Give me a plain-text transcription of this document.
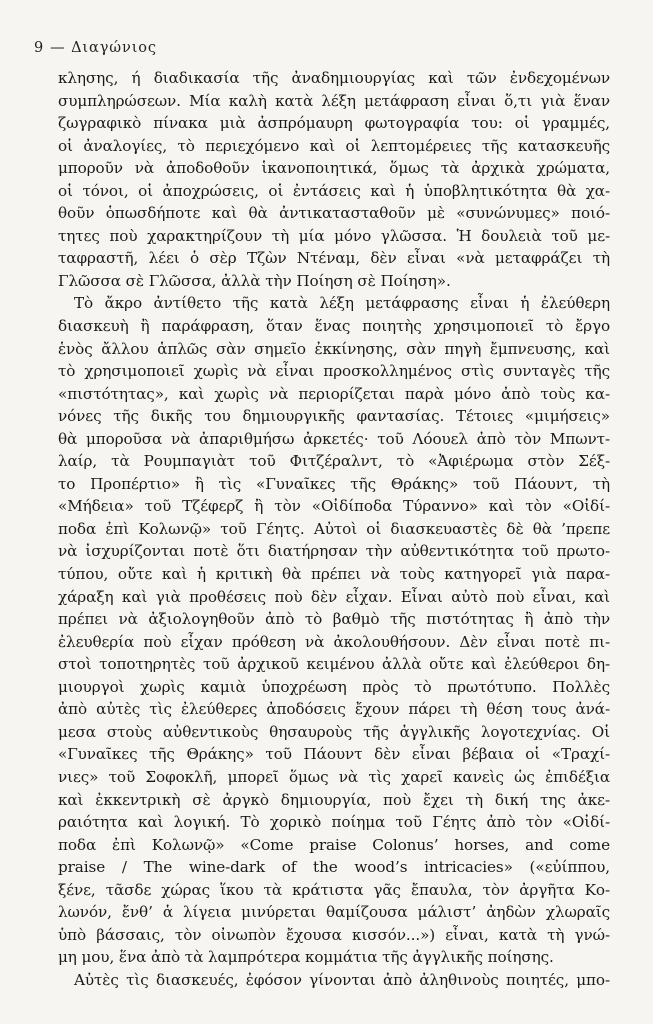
9 — Διαγώνιος
κλησης, ή διαδικασία τῆς ἀναδημιουργίας καὶ τῶν ἐνδεχομένων
συμπληρώσεων. Μία καλὴ κατὰ λέξη μετάφραση εἶναι ὅ,τι γιὰ ἕναν
ζωγραφικὸ πίνακα μιὰ ἀσπρόμαυρη φωτογραφία του: οἱ γραμμές,
οἱ ἀναλογίες, τὸ περιεχόμενο καὶ οἱ λεπτομέρειες τῆς κατασκευῆς
μποροῦν νὰ ἀποδοθοῦν ἱκανοποιητικά, ὅμως τὰ ἀρχικὰ χρώματα,
οἱ τόνοι, οἱ ἀποχρώσεις, οἱ ἐντάσεις καὶ ἡ ὑποβλητικότητα θὰ χα-
θοῦν ὁπωσδήποτε καὶ θὰ ἀντικατασταθοῦν μὲ «συνώνυμες» ποιό-
τητες ποὺ χαρακτηρίζουν τὴ μία μόνο γλῶσσα. Ἡ δουλειὰ τοῦ με-
ταφραστῆ, λέει ὁ σὲρ Τζὼν Ντέναμ, δὲν εἶναι «νὰ μεταφράζει τὴ
Γλῶσσα σὲ Γλῶσσα, ἀλλὰ τὴν Ποίηση σὲ Ποίηση».
Τὸ ἄκρο ἀντίθετο τῆς κατὰ λέξη μετάφρασης εἶναι ἡ ἐλεύθερη
διασκευὴ ἢ παράφραση, ὅταν ἕνας ποιητὴς χρησιμοποιεῖ τὸ ἔργο
ἑνὸς ἄλλου ἁπλῶς σὰν σημεῖο ἐκκίνησης, σὰν πηγὴ ἔμπνευσης, καὶ
τὸ χρησιμοποιεῖ χωρὶς νὰ εἶναι προσκολλημένος στὶς συνταγὲς τῆς
«πιστότητας», καὶ χωρὶς νὰ περιορίζεται παρὰ μόνο ἀπὸ τοὺς κα-
νόνες τῆς δικῆς του δημιουργικῆς φαντασίας. Τέτοιες «μιμήσεις»
θὰ μποροῦσα νὰ ἀπαριθμήσω ἀρκετές· τοῦ Λόουελ ἀπὸ τὸν Μπωντ-
λαίρ, τὰ Ρουμπαγιὰτ τοῦ Φιτζέραλντ, τὸ «Ἀφιέρωμα στὸν Σέξ-
το Προπέρτιο» ἢ τὶς «Γυναῖκες τῆς Θράκης» τοῦ Πάουντ, τὴ
«Μήδεια» τοῦ Τζέφερζ ἢ τὸν «Οἰδίποδα Τύραννο» καὶ τὸν «Οἰδί-
ποδα ἐπὶ Κολωνῷ» τοῦ Γέητς. Αὐτοὶ οἱ διασκευαστὲς δὲ θὰ ’πρεπε
νὰ ἰσχυρίζονται ποτὲ ὅτι διατήρησαν τὴν αὐθεντικότητα τοῦ πρωτο-
τύπου, οὔτε καὶ ἡ κριτικὴ θὰ πρέπει νὰ τοὺς κατηγορεῖ γιὰ παρα-
χάραξη καὶ γιὰ προθέσεις ποὺ δὲν εἶχαν. Εἶναι αὐτὸ ποὺ εἶναι, καὶ
πρέπει νὰ ἀξιολογηθοῦν ἀπὸ τὸ βαθμὸ τῆς πιστότητας ἢ ἀπὸ τὴν
ἐλευθερία ποὺ εἶχαν πρόθεση νὰ ἀκολουθήσουν. Δὲν εἶναι ποτὲ πι-
στοὶ τοποτηρητὲς τοῦ ἀρχικοῦ κειμένου ἀλλὰ οὔτε καὶ ἐλεύθεροι δη-
μιουργοὶ χωρὶς καμιὰ ὑποχρέωση πρὸς τὸ πρωτότυπο. Πολλὲς
ἀπὸ αὐτὲς τὶς ἐλεύθερες ἀποδόσεις ἔχουν πάρει τὴ θέση τους ἀνά-
μεσα στοὺς αὐθεντικοὺς θησαυροὺς τῆς ἀγγλικῆς λογοτεχνίας. Οἱ
«Γυναῖκες τῆς Θράκης» τοῦ Πάουντ δὲν εἶναι βέβαια οἱ «Τραχί-
νιες» τοῦ Σοφοκλῆ, μπορεῖ ὅμως νὰ τὶς χαρεῖ κανεὶς ὡς ἐπιδέξια
καὶ ἐκκεντρικὴ σὲ ἀργκὸ δημιουργία, ποὺ ἔχει τὴ δική της ἀκε-
ραιότητα καὶ λογική. Τὸ χορικὸ ποίημα τοῦ Γέητς ἀπὸ τὸν «Οἰδί-
ποδα ἐπὶ Κολωνῷ» «Come praise Colonus’ horses, and come
praise / The wine-dark of the wood’s intricacies» («εὐίππου,
ξένε, τᾶσδε χώρας ἵκου τὰ κράτιστα γᾶς ἔπαυλα, τὸν ἀργῆτα Κο-
λωνόν, ἔνθ’ ἁ λίγεια μινύρεται θαμίζουσα μάλιστ’ ἀηδὼν χλωραῖς
ὑπὸ βάσσαις, τὸν οἰνωπὸν ἔχουσα κισσόν...») εἶναι, κατὰ τὴ γνώ-
μη μου, ἕνα ἀπὸ τὰ λαμπρότερα κομμάτια τῆς ἀγγλικῆς ποίησης.
Αὐτὲς τὶς διασκευές, ἐφόσον γίνονται ἀπὸ ἀληθινοὺς ποιητές, μπο-
